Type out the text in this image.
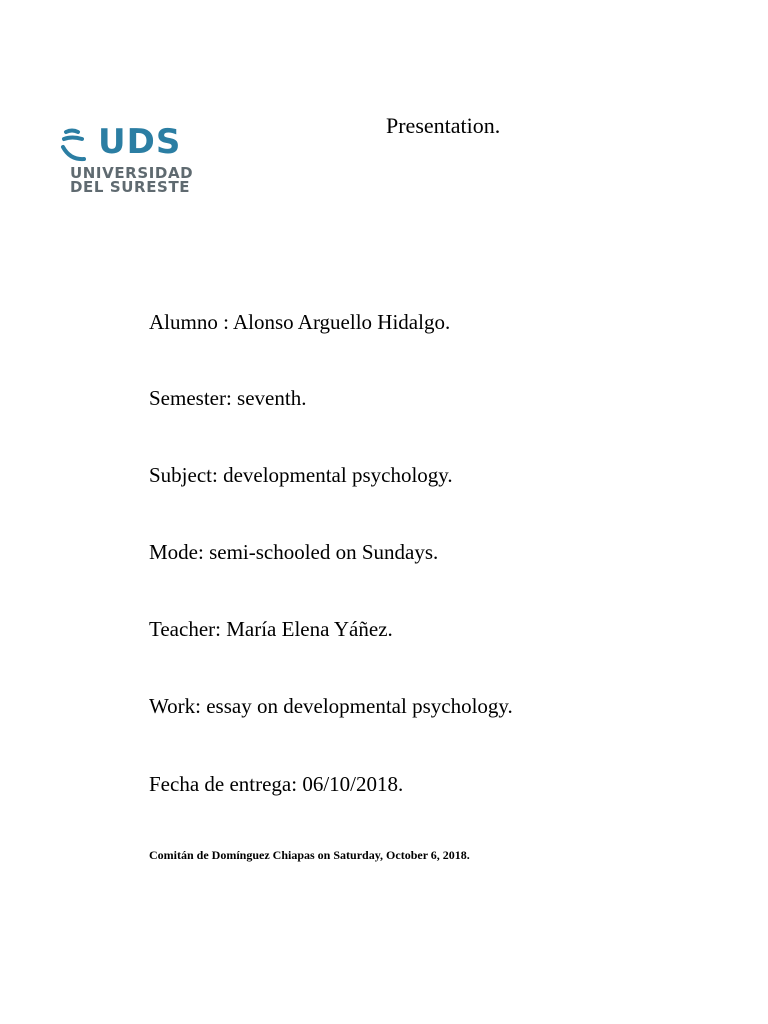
UDS
UNIVERSIDAD
DEL SURESTE
Presentation.
Alumno : Alonso Arguello Hidalgo.
Semester: seventh.
Subject: developmental psychology.
Mode: semi-schooled on Sundays.
Teacher: María Elena Yáñez.
Work: essay on developmental psychology.
Fecha de entrega: 06/10/2018.
Comitán de Domínguez Chiapas on Saturday, October 6, 2018.
